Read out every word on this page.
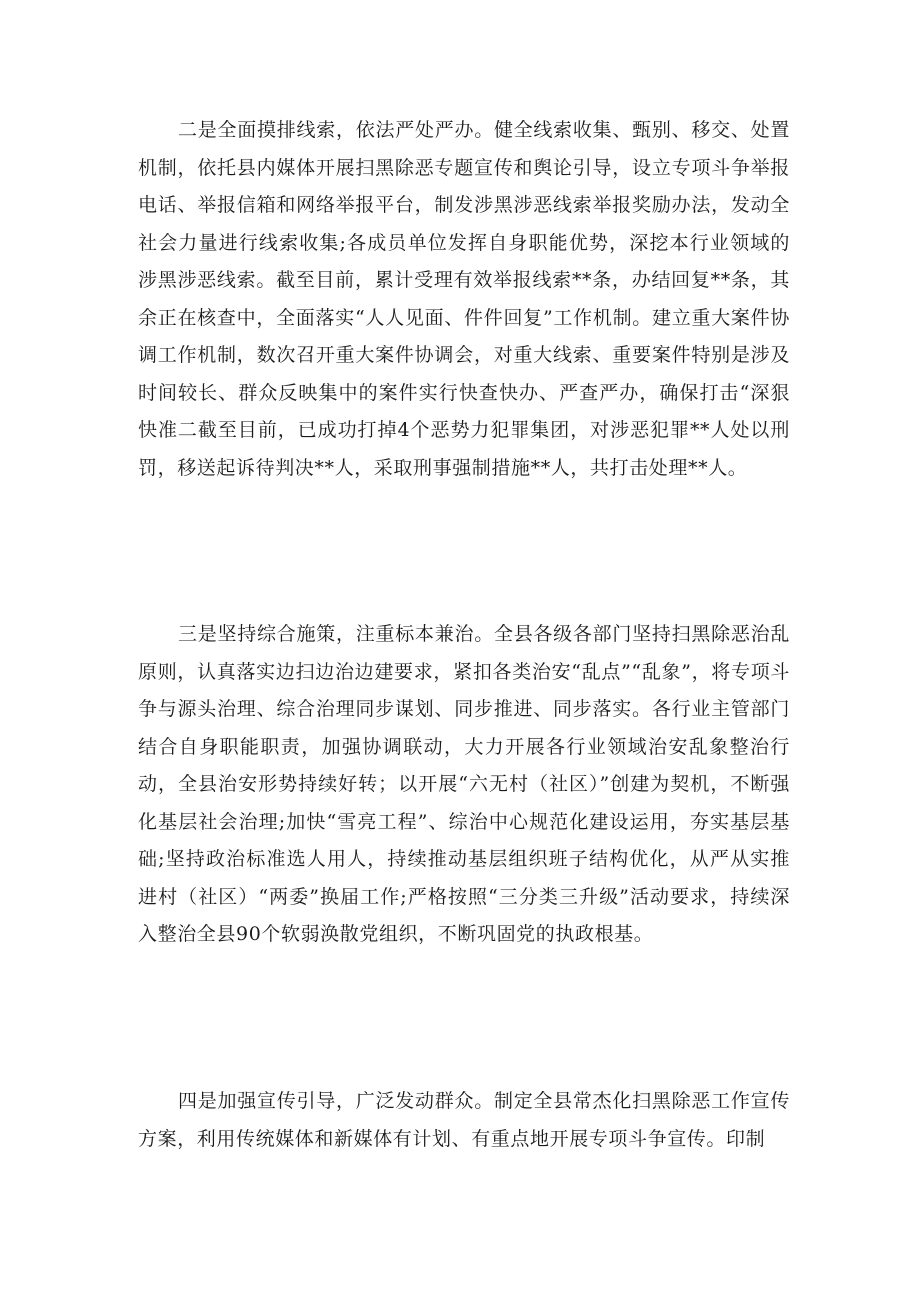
二是全面摸排线索，依法严处严办。健全线索收集、甄别、移交、处置机制，依托县内媒体开展扫黑除恶专题宣传和舆论引导，设立专项斗争举报电话、举报信箱和网络举报平台，制发涉黑涉恶线索举报奖励办法，发动全社会力量进行线索收集;各成员单位发挥自身职能优势，深挖本行业领域的涉黑涉恶线索。截至目前，累计受理有效举报线索**条，办结回复**条，其余正在核查中，全面落实“人人见面、件件回复”工作机制。建立重大案件协调工作机制，数次召开重大案件协调会，对重大线索、重要案件特别是涉及时间较长、群众反映集中的案件实行快查快办、严查严办，确保打击“深狠快准二截至目前，已成功打掉4个恶势力犯罪集团，对涉恶犯罪**人处以刑罚，移送起诉待判决**人，采取刑事强制措施**人，共打击处理**人。

三是坚持综合施策，注重标本兼治。全县各级各部门坚持扫黑除恶治乱原则，认真落实边扫边治边建要求，紧扣各类治安“乱点”“乱象”，将专项斗争与源头治理、综合治理同步谋划、同步推进、同步落实。各行业主管部门结合自身职能职责，加强协调联动，大力开展各行业领域治安乱象整治行动，全县治安形势持续好转；以开展“六无村（社区）”创建为契机，不断强化基层社会治理;加快“雪亮工程”、综治中心规范化建设运用，夯实基层基础;坚持政治标准选人用人，持续推动基层组织班子结构优化，从严从实推进村（社区）“两委”换届工作;严格按照“三分类三升级”活动要求，持续深入整治全县90个软弱涣散党组织，不断巩固党的执政根基。

四是加强宣传引导，广泛发动群众。制定全县常杰化扫黑除恶工作宣传方案，利用传统媒体和新媒体有计划、有重点地开展专项斗争宣传。印制
